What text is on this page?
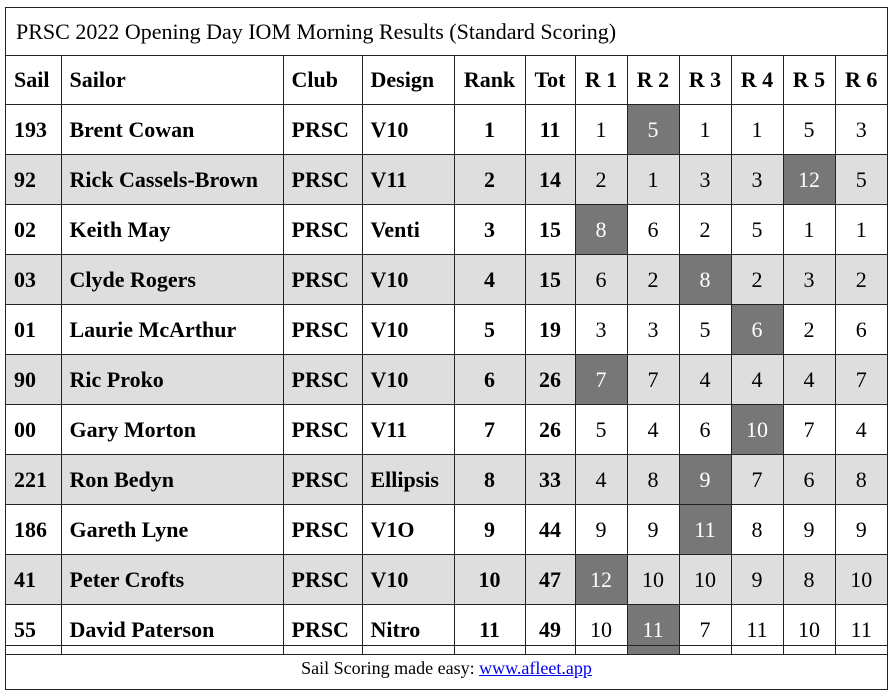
PRSC 2022 Opening Day IOM Morning Results (Standard Scoring)
Sail	Sailor	Club	Design	Rank	Tot	R 1	R 2	R 3	R 4	R 5	R 6
193	Brent Cowan	PRSC	V10	1	11	1	5	1	1	5	3
92	Rick Cassels-Brown	PRSC	V11	2	14	2	1	3	3	12	5
02	Keith May	PRSC	Venti	3	15	8	6	2	5	1	1
03	Clyde Rogers	PRSC	V10	4	15	6	2	8	2	3	2
01	Laurie McArthur	PRSC	V10	5	19	3	3	5	6	2	6
90	Ric Proko	PRSC	V10	6	26	7	7	4	4	4	7
00	Gary Morton	PRSC	V11	7	26	5	4	6	10	7	4
221	Ron Bedyn	PRSC	Ellipsis	8	33	4	8	9	7	6	8
186	Gareth Lyne	PRSC	V1O	9	44	9	9	11	8	9	9
41	Peter Crofts	PRSC	V10	10	47	12	10	10	9	8	10
55	David Paterson	PRSC	Nitro	11	49	10	11	7	11	10	11
Sail Scoring made easy: www.afleet.app
